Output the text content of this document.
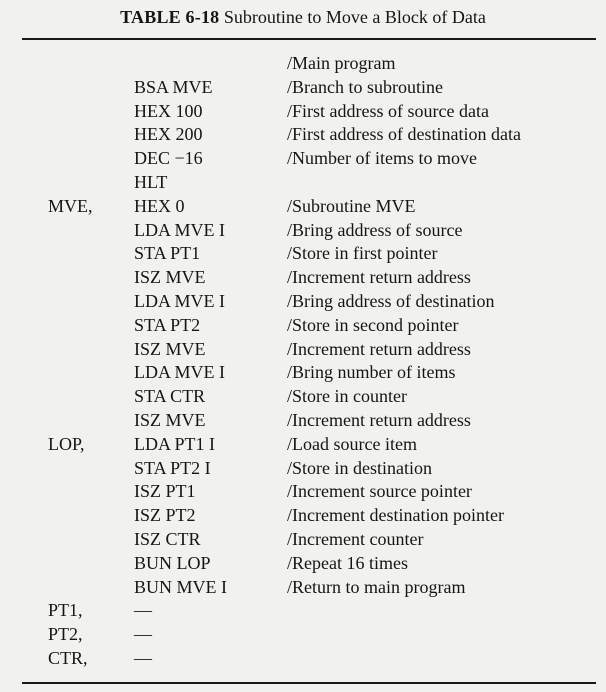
TABLE 6-18 Subroutine to Move a Block of Data
/Main program
BSA MVE	/Branch to subroutine
HEX 100	/First address of source data
HEX 200	/First address of destination data
DEC −16	/Number of items to move
HLT
MVE, HEX 0	/Subroutine MVE
LDA MVE I	/Bring address of source
STA PT1	/Store in first pointer
ISZ MVE	/Increment return address
LDA MVE I	/Bring address of destination
STA PT2	/Store in second pointer
ISZ MVE	/Increment return address
LDA MVE I	/Bring number of items
STA CTR	/Store in counter
ISZ MVE	/Increment return address
LOP,	LDA PT1 I	/Load source item
STA PT2 I	/Store in destination
ISZ PT1	/Increment source pointer
ISZ PT2	/Increment destination pointer
ISZ CTR	/Increment counter
BUN LOP	/Repeat 16 times
BUN MVE I	/Return to main program
PT1,	—
PT2,	—
CTR,	—
